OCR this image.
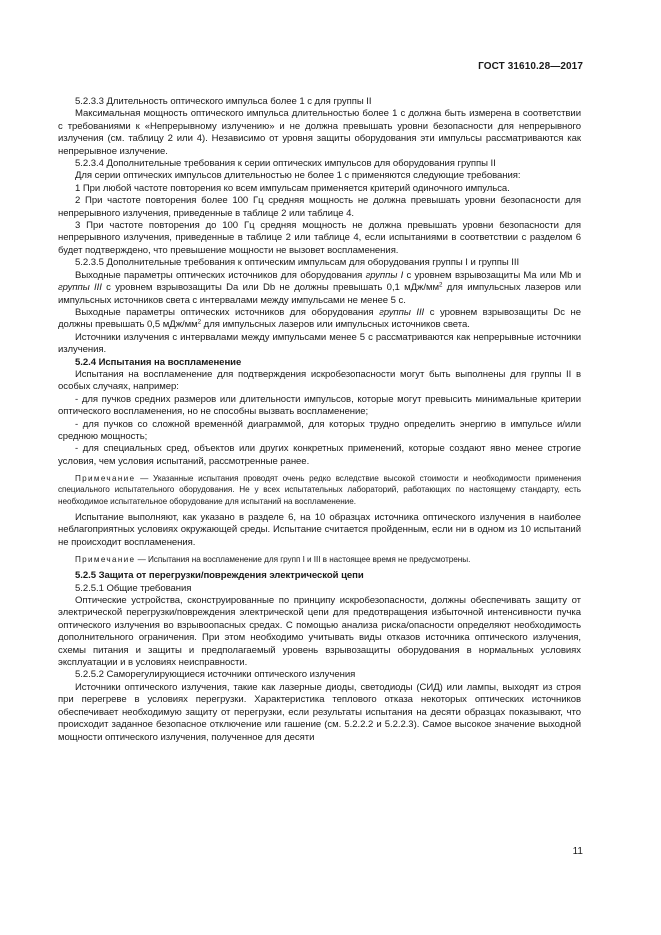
ГОСТ 31610.28—2017

5.2.3.3 Длительность оптического импульса более 1 с для группы II

Максимальная мощность оптического импульса длительностью более 1 с должна быть измерена в соответствии с требованиями к «Непрерывному излучению» и не должна превышать уровни безопасности для непрерывного излучения (см. таблицу 2 или 4). Независимо от уровня защиты оборудования эти импульсы рассматриваются как непрерывное излучение.

5.2.3.4 Дополнительные требования к серии оптических импульсов для оборудования группы II

Для серии оптических импульсов длительностью не более 1 с применяются следующие требования:

1 При любой частоте повторения ко всем импульсам применяется критерий одиночного импульса.

2 При частоте повторения более 100 Гц средняя мощность не должна превышать уровни безопасности для непрерывного излучения, приведенные в таблице 2 или таблице 4.

3 При частоте повторения до 100 Гц средняя мощность не должна превышать уровни безопасности для непрерывного излучения, приведенные в таблице 2 или таблице 4, если испытаниями в соответствии с разделом 6 будет подтверждено, что превышение мощности не вызовет воспламенения.

5.2.3.5 Дополнительные требования к оптическим импульсам для оборудования группы I и группы III

Выходные параметры оптических источников для оборудования группы I с уровнем взрывозащиты Ma или Mb и группы III с уровнем взрывозащиты Da или Db не должны превышать 0,1 мДж/$мм^2$ для импульсных лазеров или импульсных источников света с интервалами между импульсами не менее 5 с.

Выходные параметры оптических источников для оборудования группы III с уровнем взрывозащиты Dc не должны превышать 0,5 мДж/$мм^2$ для импульсных лазеров или импульсных источников света.

Источники излучения с интервалами между импульсами менее 5 с рассматриваются как непрерывные источники излучения.

5.2.4 Испытания на воспламенение

Испытания на воспламенение для подтверждения искробезопасности могут быть выполнены для группы II в особых случаях, например:

- для пучков средних размеров или длительности импульсов, которые могут превысить минимальные критерии оптического воспламенения, но не способны вызвать воспламенение;

- для пучков со сложной временнóй диаграммой, для которых трудно определить энергию в импульсе и/или среднюю мощность;

- для специальных сред, объектов или других конкретных применений, которые создают явно менее строгие условия, чем условия испытаний, рассмотренные ранее.

Примечание — Указанные испытания проводят очень редко вследствие высокой стоимости и необходимости применения специального испытательного оборудования. Не у всех испытательных лабораторий, работающих по настоящему стандарту, есть необходимое испытательное оборудование для испытаний на воспламенение.

Испытание выполняют, как указано в разделе 6, на 10 образцах источника оптического излучения в наиболее неблагоприятных условиях окружающей среды. Испытание считается пройденным, если ни в одном из 10 испытаний не происходит воспламенения.

Примечание — Испытания на воспламенение для групп I и III в настоящее время не предусмотрены.

5.2.5 Защита от перегрузки/повреждения электрической цепи

5.2.5.1 Общие требования

Оптические устройства, сконструированные по принципу искробезопасности, должны обеспечивать защиту от электрической перегрузки/повреждения электрической цепи для предотвращения избыточной интенсивности пучка оптического излучения во взрывоопасных средах. С помощью анализа риска/опасности определяют необходимость дополнительного ограничения. При этом необходимо учитывать виды отказов источника оптического излучения, схемы питания и защиты и предполагаемый уровень взрывозащиты оборудования в нормальных условиях эксплуатации и в условиях неисправности.

5.2.5.2 Саморегулирующиеся источники оптического излучения

Источники оптического излучения, такие как лазерные диоды, светодиоды (СИД) или лампы, выходят из строя при перегреве в условиях перегрузки. Характеристика теплового отказа некоторых оптических источников обеспечивает необходимую защиту от перегрузки, если результаты испытания на десяти образцах показывают, что происходит заданное безопасное отключение или гашение (см. 5.2.2.2 и 5.2.2.3). Самое высокое значение выходной мощности оптического излучения, полученное для десяти

11
